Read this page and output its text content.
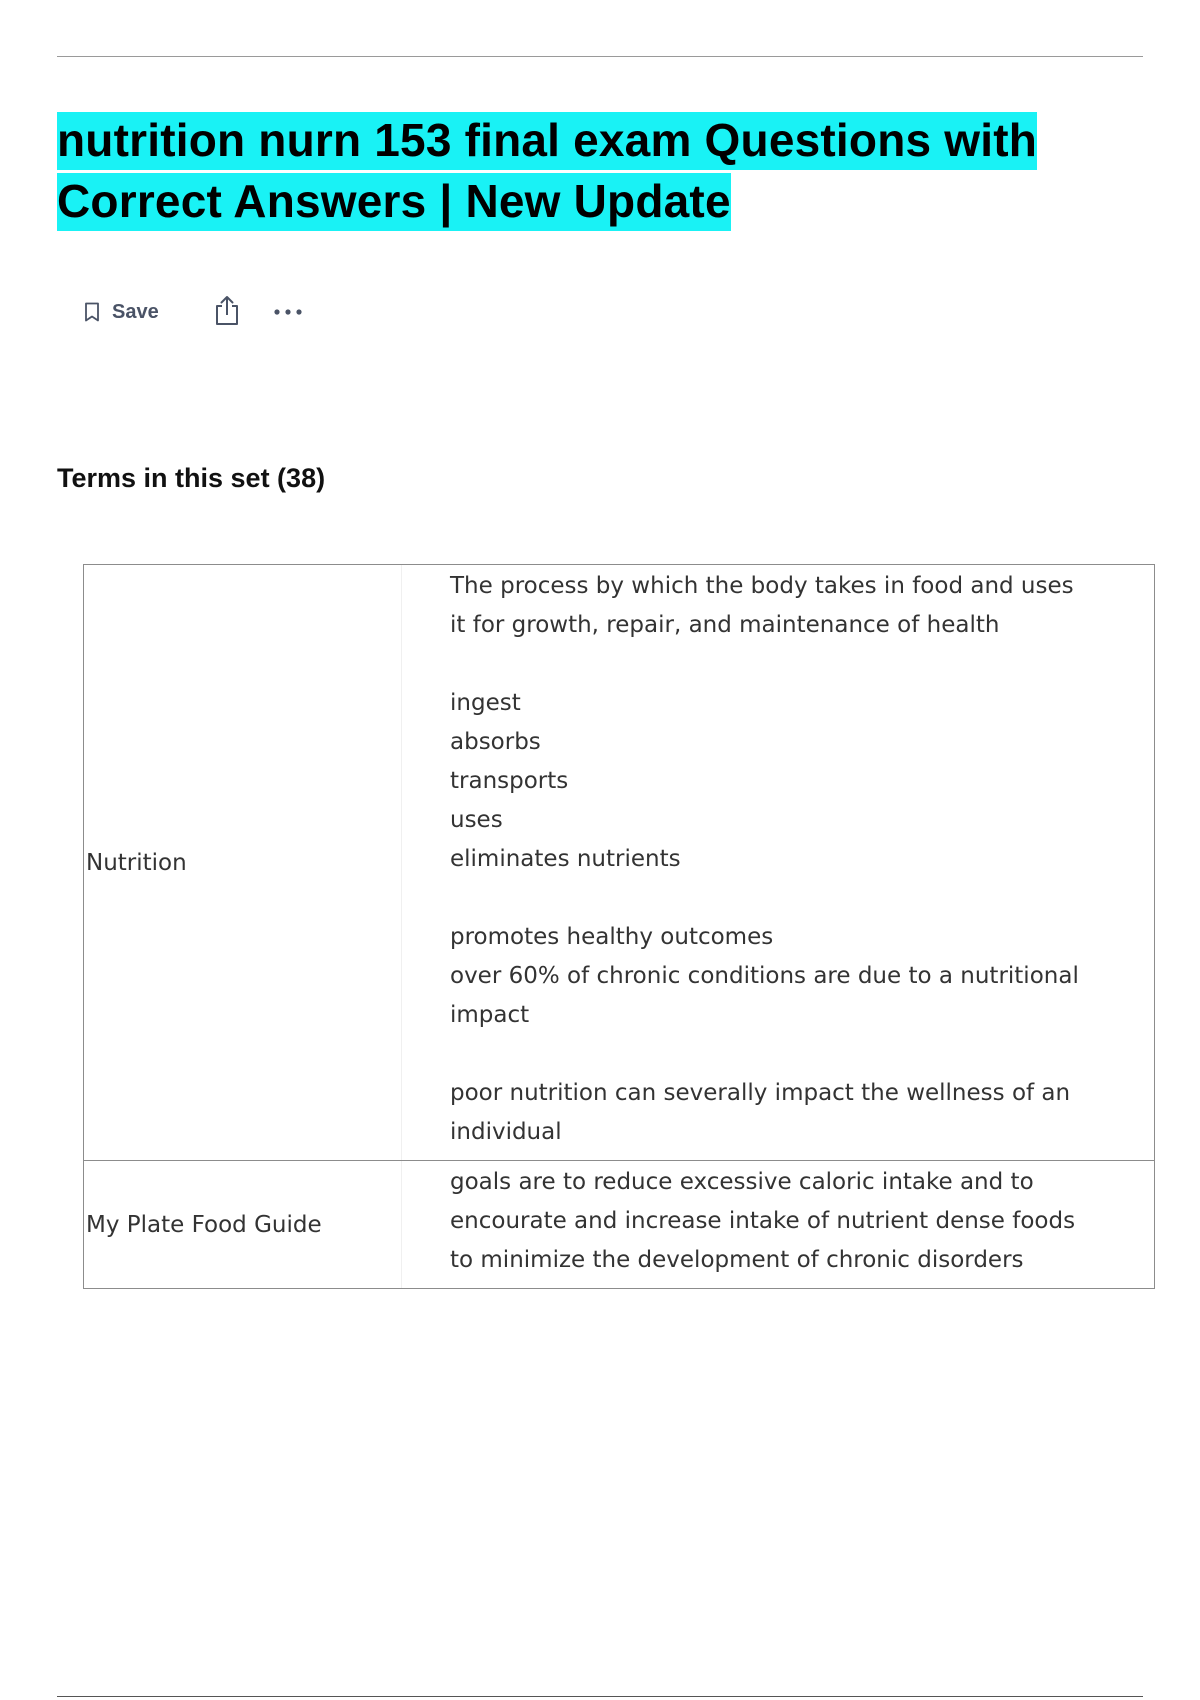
nutrition nurn 153 final exam Questions with Correct Answers | New Update
Save
Terms in this set (38)
Nutrition
The process by which the body takes in food and uses
it for growth, repair, and maintenance of health
ingest
absorbs
transports
uses
eliminates nutrients
promotes healthy outcomes
over 60% of chronic conditions are due to a nutritional
impact
poor nutrition can severally impact the wellness of an
individual
My Plate Food Guide
goals are to reduce excessive caloric intake and to
encourate and increase intake of nutrient dense foods
to minimize the development of chronic disorders
